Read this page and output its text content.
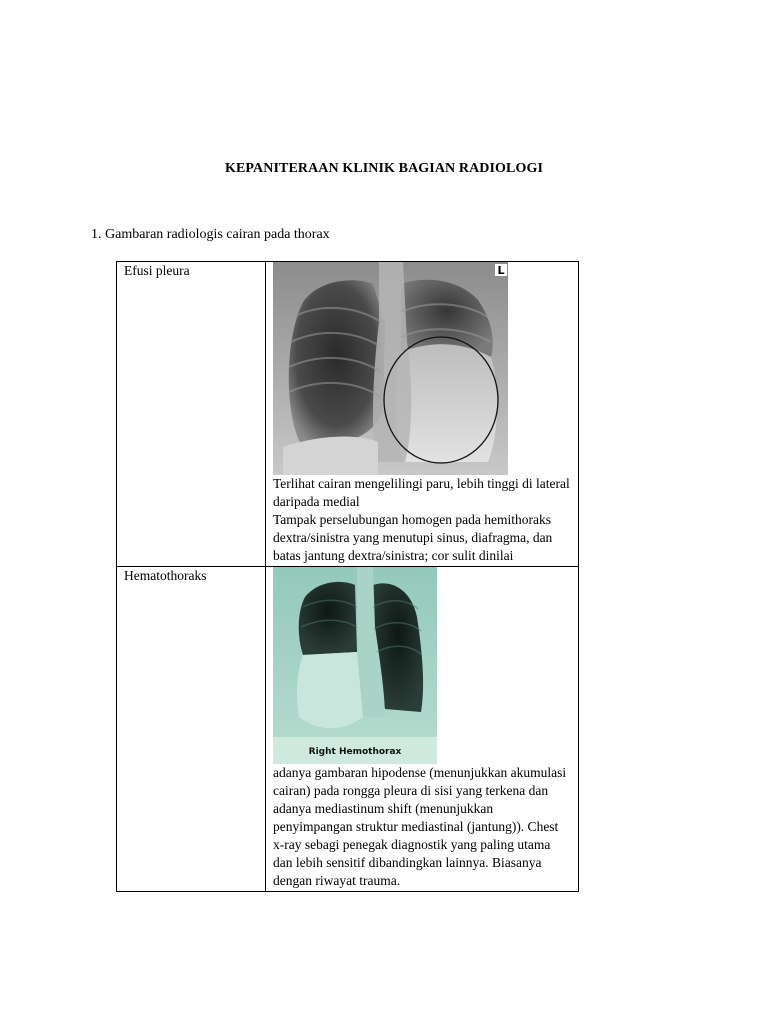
KEPANITERAAN KLINIK BAGIAN RADIOLOGI
1. Gambaran radiologis cairan pada thorax
Efusi pleura	L
Terlihat cairan mengelilingi paru, lebih tinggi di lateral daripada medial
Tampak perselubungan homogen pada hemithoraks dextra/sinistra yang menutupi sinus, diafragma, dan batas jantung dextra/sinistra; cor sulit dinilai

Hematothoraks	Right Hemothorax
adanya gambaran hipodense (menunjukkan akumulasi cairan) pada rongga pleura di sisi yang terkena dan adanya mediastinum shift (menunjukkan penyimpangan struktur mediastinal (jantung)). Chest x-ray sebagi penegak diagnostik yang paling utama dan lebih sensitif dibandingkan lainnya. Biasanya dengan riwayat trauma.
